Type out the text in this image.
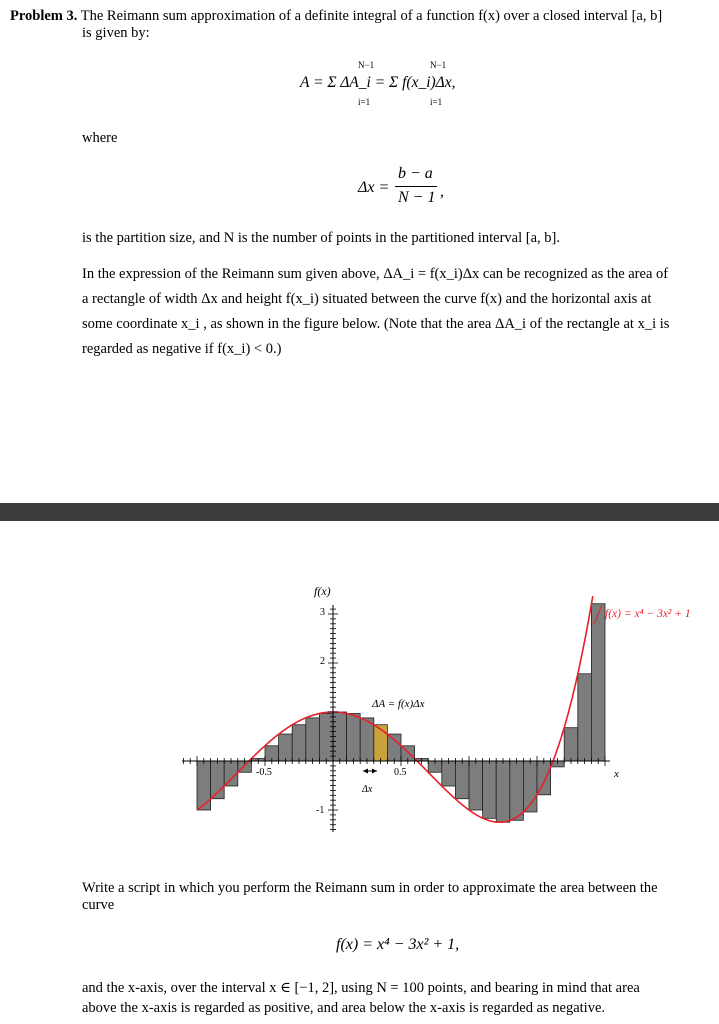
Problem 3. The Reimann sum approximation of a definite integral of a function f(x) over a closed interval [a, b]
is given by:
A = Σ ΔA_i = Σ f(x_i)Δx,
N−1
i=1
N−1
i=1
where
Δx =
b − a
N − 1 ,
is the partition size, and N is the number of points in the partitioned interval [a, b].
In the expression of the Reimann sum given above, ΔA_i = f(x_i)Δx can be recognized as the area of
a rectangle of width Δx and height f(x_i) situated between the curve f(x) and the horizontal axis at
some coordinate x_i , as shown in the figure below. (Note that the area ΔA_i of the rectangle at x_i is
regarded as negative if f(x_i) < 0.)
f(x)
x
f(x) = x⁴ − 3x² + 1
ΔA = f(x)Δx
Δx
3
2
-1
-0.5	0.5
Write a script in which you perform the Reimann sum in order to approximate the area between the
curve
f(x) = x⁴ − 3x² + 1,
and the x-axis, over the interval x ∈ [−1, 2], using N = 100 points, and bearing in mind that area
above the x-axis is regarded as positive, and area below the x-axis is regarded as negative.
